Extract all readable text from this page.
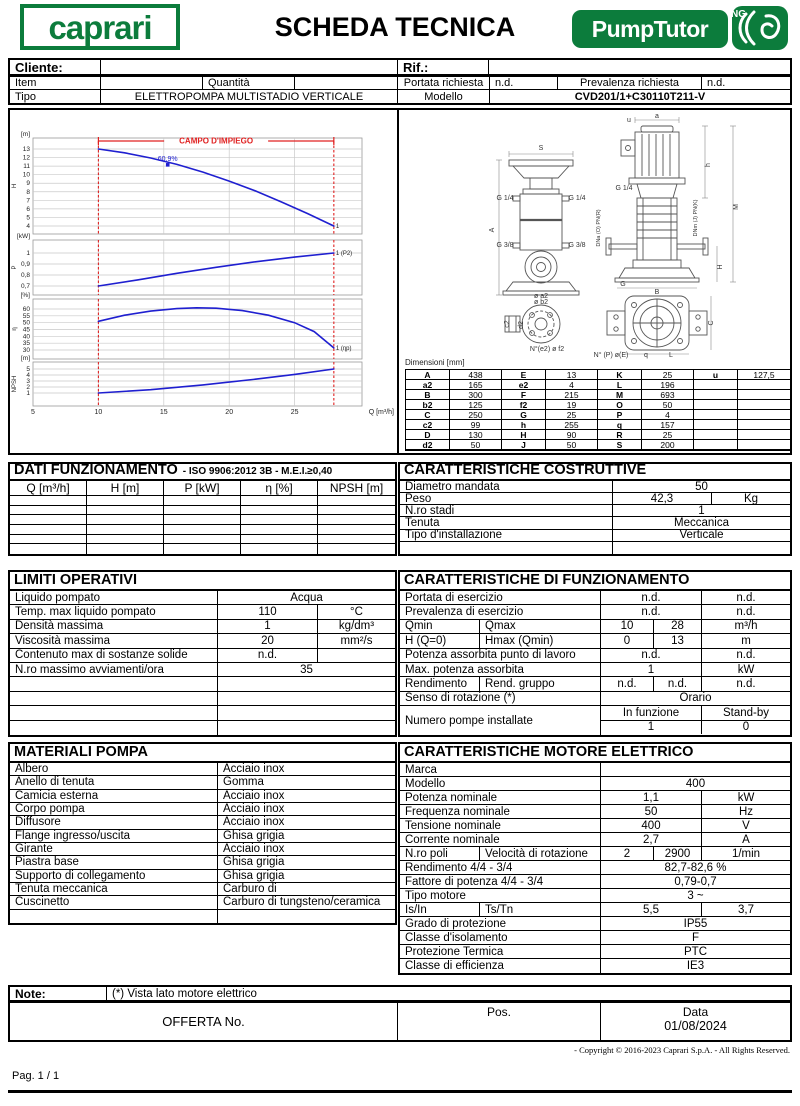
caprari	SCHEDA TECNICA	PumpTutor
NG
Cliente:	Rif.:
Item	Quantità	Portata richiesta	n.d.	Prevalenza richiesta	n.d.
Tipo	ELETTROPOMPA MULTISTADIO VERTICALE	Modello	CVD201/1+C30110T211-V
13
12
11
10
9
8
7
6
5
4	1
60,9%
[m]
H
1
0,9
0,8
0,7
1 (P2)
[kW]
P
60
55
50
45
40
35
30	1 (ηp)
[%]
η
5
4
3
2
1
[m]
NPSH
CAMPO D'IMPIEGO
5	10	15	20	25	Q [m³/h]
S
A
G 1/4	G 1/4
G 3/8	G 3/8
a
u
h
M
G 1/4
DNa (O) PN(R)	DNm (J) PN(K)
H
G
B
ø a2
ø b2
c2 d2
N°(e2) ø f2
N° (P) ø(E)
C
q	L
Dimensioni [mm]
A	438	E	13	K	25	u	127,5
a2	165	e2	4	L	196
B	300	F	215	M	693
b2	125	f2	19	O	50
C	250	G	25	P	4
c2	99	h	255	q	157
D	130	H	90	R	25
d2	50	J	50	S	200
DATI FUNZIONAMENTO - ISO 9906:2012 3B - M.E.I.≥0,40
Q [m³/h]	H [m]	P [kW]	η [%]	NPSH [m]
CARATTERISTICHE COSTRUTTIVE
Diametro mandata	50
Peso	42,3	Kg
N.ro stadi	1
Tenuta	Meccanica
Tipo d'installazione	Verticale
LIMITI OPERATIVI
Liquido pompato	Acqua
Temp. max liquido pompato	110	°C
Densità massima	1	kg/dm³
Viscosità massima	20	mm²/s
Contenuto max di sostanze solide	n.d.
N.ro massimo avviamenti/ora	35
CARATTERISTICHE DI FUNZIONAMENTO
Portata di esercizio	n.d.	n.d.
Prevalenza di esercizio	n.d.	n.d.
Qmin	Qmax	10	28	m³/h
H (Q=0)	Hmax (Qmin)	0	13	m
Potenza assorbita punto di lavoro	n.d.	n.d.
Max. potenza assorbita	1	kW
Rendimento	Rend. gruppo	n.d.	n.d.	n.d.
Senso di rotazione (*)	Orario
Numero pompe installate
In funzione	Stand-by
1	0
MATERIALI POMPA
Albero	Acciaio inox
Anello di tenuta	Gomma
Camicia esterna	Acciaio inox
Corpo pompa	Acciaio inox
Diffusore	Acciaio inox
Flange ingresso/uscita	Ghisa grigia
Girante	Acciaio inox
Piastra base	Ghisa grigia
Supporto di collegamento	Ghisa grigia
Tenuta meccanica	Carburo di
Cuscinetto	Carburo di tungsteno/ceramica
CARATTERISTICHE MOTORE ELETTRICO
Marca
Modello	400
Potenza nominale	1,1	kW
Frequenza nominale	50	Hz
Tensione nominale	400	V
Corrente nominale	2,7	A
N.ro poli	Velocità di rotazione	2	2900	1/min
Rendimento 4/4 - 3/4	82,7-82,6 %
Fattore di potenza 4/4 - 3/4	0,79-0,7
Tipo motore	3 ~
Is/In	Ts/Tn	5,5	3,7
Grado di protezione	IP55
Classe d'isolamento	F
Protezione Termica	PTC
Classe di efficienza	IE3
Note:	(*) Vista lato motore elettrico
OFFERTA No.
Pos.	Data
01/08/2024
- Copyright © 2016-2023 Caprari S.p.A. - All Rights Reserved.
Pag. 1 / 1
